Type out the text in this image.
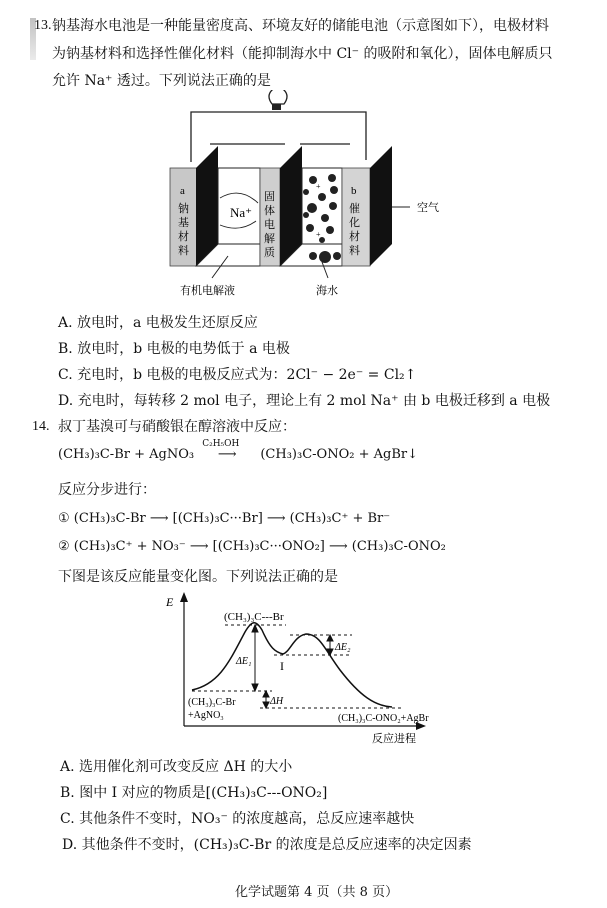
13. 钠基海水电池是一种能量密度高、环境友好的储能电池（示意图如下），电极材料
为钠基材料和选择性催化材料（能抑制海水中 Cl⁻ 的吸附和氧化），固体电解质只
允许 Na⁺ 透过。下列说法正确的是
+
+
a
钠
基
材
料
Na⁺
固
体
电
解
质
b
催
化
材
料
空气
有机电解液	海水
A. 放电时，a 电极发生还原反应
B. 放电时，b 电极的电势低于 a 电极
C. 充电时，b 电极的电极反应式为：2Cl⁻ − 2e⁻ = Cl₂↑
D. 充电时，每转移 2 mol 电子，理论上有 2 mol Na⁺ 由 b 电极迁移到 a 电极
14. 叔丁基溴可与硝酸银在醇溶液中反应：
(CH₃)₃C-Br + AgNO₃
C₂H₅OH
⟶ (CH₃)₃C-ONO₂ + AgBr↓
反应分步进行：
① (CH₃)₃C-Br ⟶ [(CH₃)₃C···Br] ⟶ (CH₃)₃C⁺ + Br⁻
② (CH₃)₃C⁺ + NO₃⁻ ⟶ [(CH₃)₃C···ONO₂] ⟶ (CH₃)₃C-ONO₂
下图是该反应能量变化图。下列说法正确的是
E
反应进程
(CH₃)₃C---Br
I
ΔE₁
ΔE₂
ΔH
(CH₃)₃C-Br
+AgNO₃	(CH₃)₃C-ONO₂+AgBr
A. 选用催化剂可改变反应 ΔH 的大小
B. 图中 I 对应的物质是[(CH₃)₃C---ONO₂]
C. 其他条件不变时，NO₃⁻ 的浓度越高，总反应速率越快
D. 其他条件不变时，(CH₃)₃C-Br 的浓度是总反应速率的决定因素
化学试题第 4 页（共 8 页）
